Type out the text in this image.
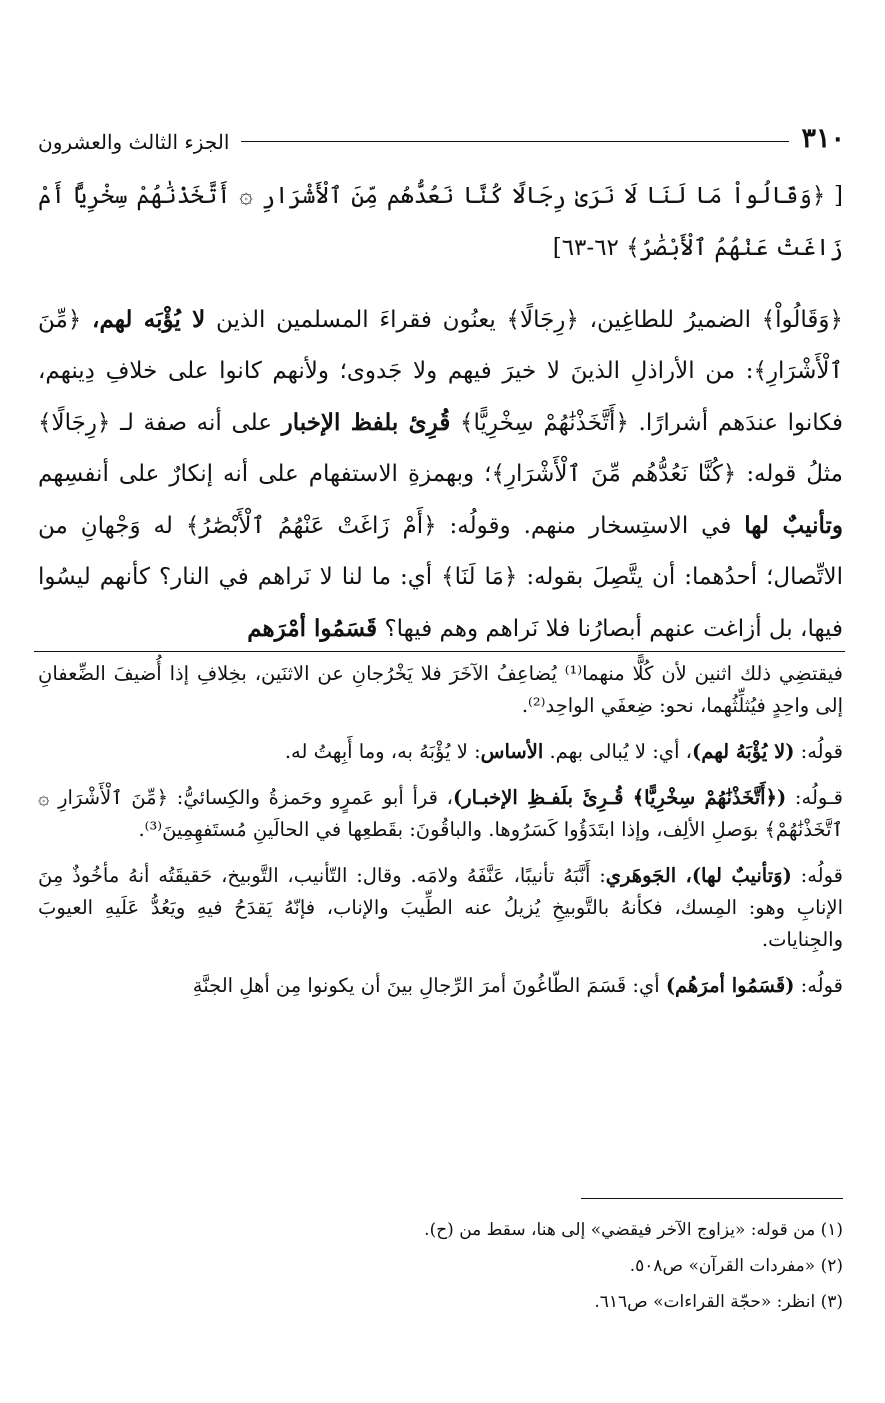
٣١٠
الجزء الثالث والعشرون

[ ﴿وَقَالُواْ مَا لَنَا لَا نَرَىٰ رِجَالًا كُنَّا نَعُدُّهُم مِّنَ ٱلْأَشْرَارِ ۞ أَتَّخَذْنَٰهُمْ سِخْرِيًّا أَمْ زَاغَتْ عَنْهُمُ ٱلْأَبْصَٰرُ﴾ ٦٢-٦٣]

﴿وَقَالُواْ﴾ الضميرُ للطاغِين، ﴿رِجَالًا﴾ يعنُون فقراءَ المسلمين الذين لا يُؤْبَه لهم، ﴿مِّنَ ٱلْأَشْرَارِ﴾: من الأراذلِ الذينَ لا خيرَ فيهم ولا جَدوى؛ ولأنهم كانوا على خلافِ دِينهم، فكانوا عندَهم أشرارًا. ﴿أَتَّخَذْنَٰهُمْ سِخْرِيًّا﴾ قُرِئ بلفظ الإخبار على أنه صفة لـ ﴿رِجَالًا﴾ مثلُ قوله: ﴿كُنَّا نَعُدُّهُم مِّنَ ٱلْأَشْرَارِ﴾؛ وبهمزةِ الاستفهام على أنه إنكارٌ على أنفسِهم وتأنيبٌ لها في الاستِسخار منهم. وقولُه: ﴿أَمْ زَاغَتْ عَنْهُمُ ٱلْأَبْصَٰرُ﴾ له وَجْهانِ من الاتِّصال؛ أحدُهما: أن يتَّصِلَ بقوله: ﴿مَا لَنَا﴾ أي: ما لنا لا نَراهم في النار؟ كأنهم ليسُوا فيها، بل أزاغت عنهم أبصارُنا فلا نَراهم وهم فيها؟ قَسَمُوا أمْرَهم

فيقتضِي ذلك اثنين لأن كُلًّا منهما⁽¹⁾ يُضاعِفُ الآخَرَ فلا يَخْرُجانِ عن الاثنَين، بخِلافِ إذا أُضيفَ الضِّعفانِ إلى واحِدٍ فيُثلِّثُهما، نحو: ضِعفَي الواحِد⁽²⁾.

قولُه: (لا يُؤْبَهُ لهم)، أي: لا يُبالى بهم. الأساس: لا يُؤْبَهُ به، وما أَبِهتُ له.

قـولُه: (﴿أَتَّخَذْنَٰهُمْ سِخْرِيًّا﴾ قُـرِئَ بلَفـظِ الإخبـار)، قرأ أبو عَمرٍو وحَمزةُ والكِسائيُّ: ﴿مِّنَ ٱلْأَشْرَارِ ۞ ٱتَّخَذْنَٰهُمْ﴾ بوَصلِ الألِف، وإذا ابتَدَؤُوا كَسَرُوها. والباقُونَ: بقَطعِها في الحالَينِ مُستَفهِمِينَ⁽³⁾.

قولُه: (وَتأنيبٌ لها)، الجَوهَري: أَنَّبَهُ تأنيبًا، عَنَّفَهُ ولامَه. وقال: التّأنيب، التَّوبيخ، حَقيقَتُه أنهُ مأخُوذٌ مِنَ الإنابِ وهو: المِسك، فكأنهُ بالتَّوبيخِ يُزيلُ عنه الطِّيبَ والإناب، فإنّهُ يَقدَحُ فيهِ ويَعُدُّ عَلَيهِ العيوبَ والجِنايات.

قولُه: (قَسَمُوا أمرَهُم) أي: قَسَمَ الطّاغُونَ أمرَ الرِّجالِ بينَ أن يكونوا مِن أهلِ الجنَّةِ

(١) من قوله: «يزاوج الآخر فيقضي» إلى هنا، سقط من (ح).
(٢) «مفردات القرآن» ص٥٠٨.
(٣) انظر: «حجّة القراءات» ص٦١٦.
